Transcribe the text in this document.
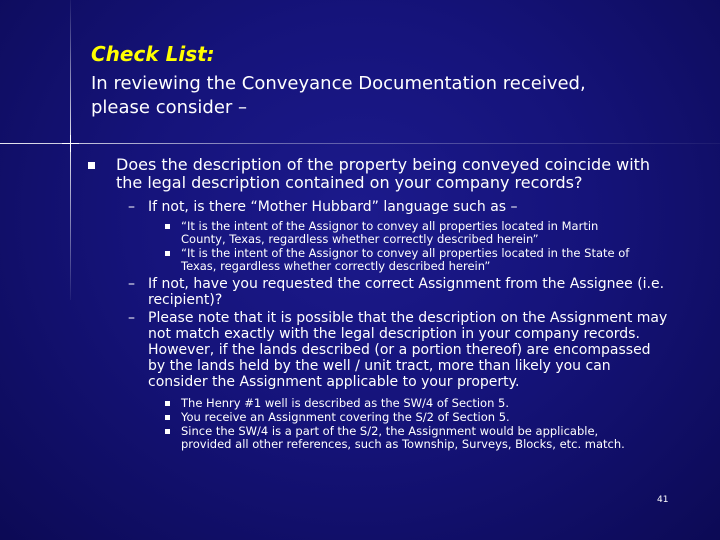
Check List:
In reviewing the Conveyance Documentation received,
please consider –
Does the description of the property being conveyed coincide with
the legal description contained on your company records?
– If not, is there “Mother Hubbard” language such as –
“It is the intent of the Assignor to convey all properties located in Martin
County, Texas, regardless whether correctly described herein”
“It is the intent of the Assignor to convey all properties located in the State of
Texas, regardless whether correctly described herein”
– If not, have you requested the correct Assignment from the Assignee (i.e.
recipient)?
– Please note that it is possible that the description on the Assignment may
not match exactly with the legal description in your company records.
However, if the lands described (or a portion thereof) are encompassed
by the lands held by the well / unit tract, more than likely you can
consider the Assignment applicable to your property.
The Henry #1 well is described as the SW/4 of Section 5.
You receive an Assignment covering the S/2 of Section 5.
Since the SW/4 is a part of the S/2, the Assignment would be applicable,
provided all other references, such as Township, Surveys, Blocks, etc. match.
41
